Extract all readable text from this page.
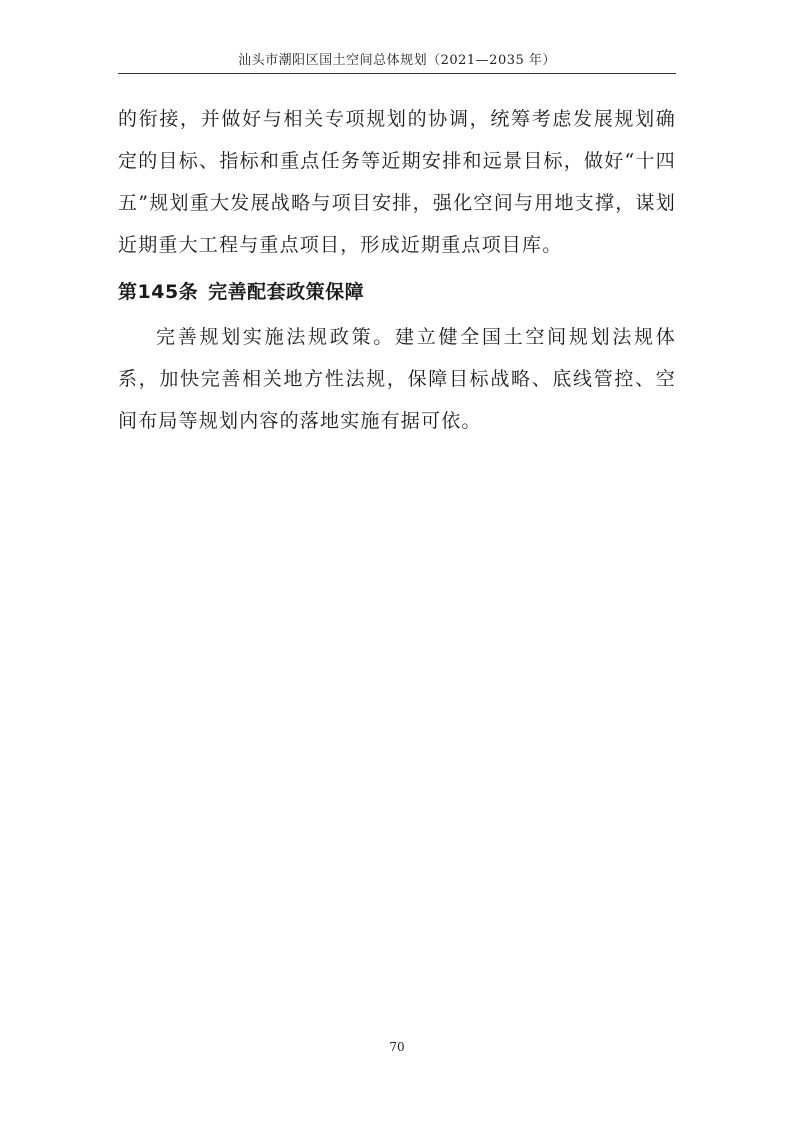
汕头市潮阳区国土空间总体规划（2021—2035 年）

的衔接，并做好与相关专项规划的协调，统筹考虑发展规划确定的目标、指标和重点任务等近期安排和远景目标，做好“十四五”规划重大发展战略与项目安排，强化空间与用地支撑，谋划近期重大工程与重点项目，形成近期重点项目库。

第145条 完善配套政策保障

完善规划实施法规政策。建立健全国土空间规划法规体系，加快完善相关地方性法规，保障目标战略、底线管控、空间布局等规划内容的落地实施有据可依。

70
